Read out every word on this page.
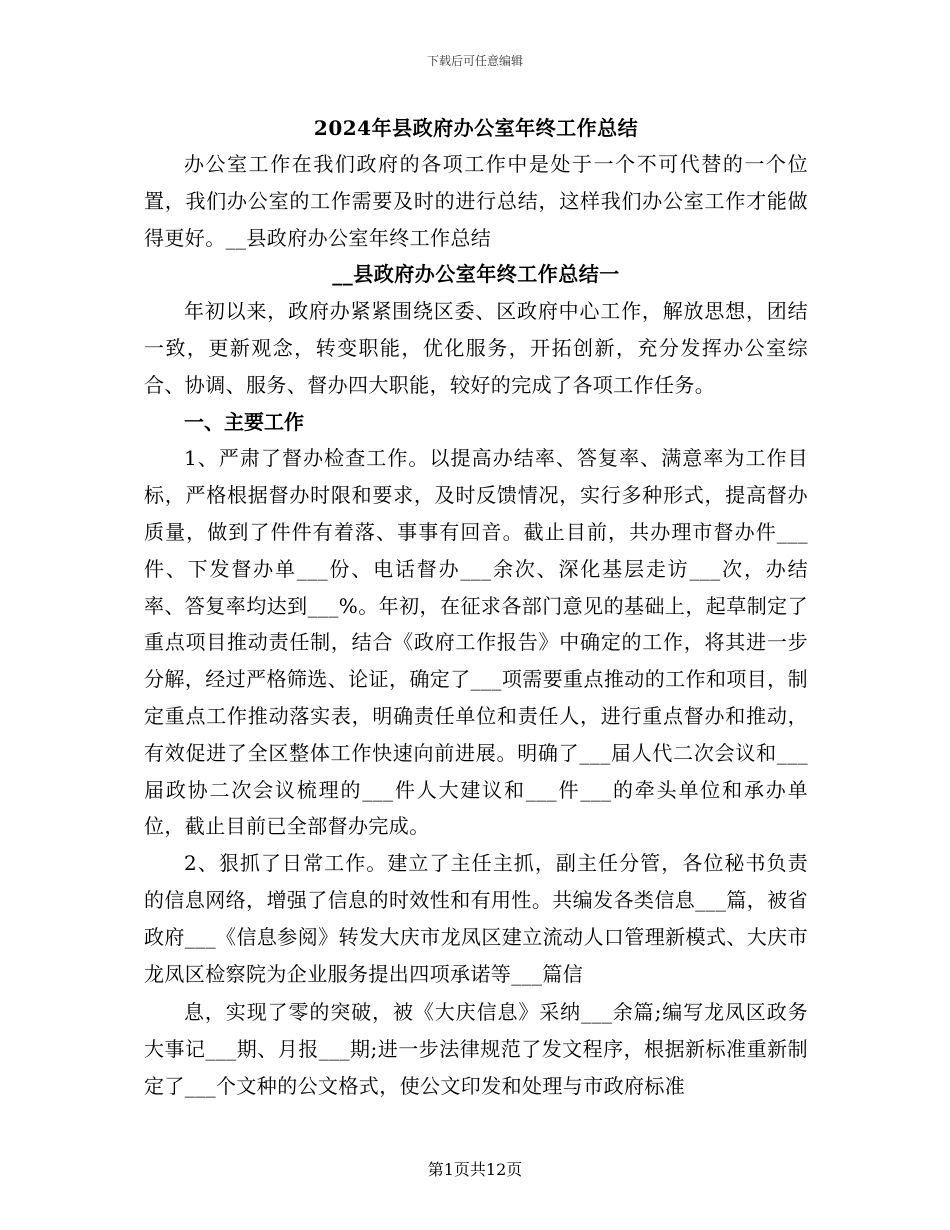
下载后可任意编辑

2024年县政府办公室年终工作总结

办公室工作在我们政府的各项工作中是处于一个不可代替的一个位置，我们办公室的工作需要及时的进行总结，这样我们办公室工作才能做得更好。__县政府办公室年终工作总结

__县政府办公室年终工作总结一

年初以来，政府办紧紧围绕区委、区政府中心工作，解放思想，团结一致，更新观念，转变职能，优化服务，开拓创新，充分发挥办公室综合、协调、服务、督办四大职能，较好的完成了各项工作任务。

一、主要工作

1、严肃了督办检查工作。以提高办结率、答复率、满意率为工作目标，严格根据督办时限和要求，及时反馈情况，实行多种形式，提高督办质量，做到了件件有着落、事事有回音。截止目前，共办理市督办件___件、下发督办单___份、电话督办___余次、深化基层走访___次，办结率、答复率均达到___%。年初，在征求各部门意见的基础上，起草制定了重点项目推动责任制，结合《政府工作报告》中确定的工作，将其进一步分解，经过严格筛选、论证，确定了___项需要重点推动的工作和项目，制定重点工作推动落实表，明确责任单位和责任人，进行重点督办和推动，有效促进了全区整体工作快速向前进展。明确了___届人代二次会议和___届政协二次会议梳理的___件人大建议和___件___的牵头单位和承办单位，截止目前已全部督办完成。

2、狠抓了日常工作。建立了主任主抓，副主任分管，各位秘书负责的信息网络，增强了信息的时效性和有用性。共编发各类信息___篇，被省政府___《信息参阅》转发大庆市龙凤区建立流动人口管理新模式、大庆市龙凤区检察院为企业服务提出四项承诺等___篇信

息，实现了零的突破，被《大庆信息》采纳___余篇;编写龙凤区政务大事记___期、月报___期;进一步法律规范了发文程序，根据新标准重新制定了___个文种的公文格式，使公文印发和处理与市政府标准

第1页共12页
